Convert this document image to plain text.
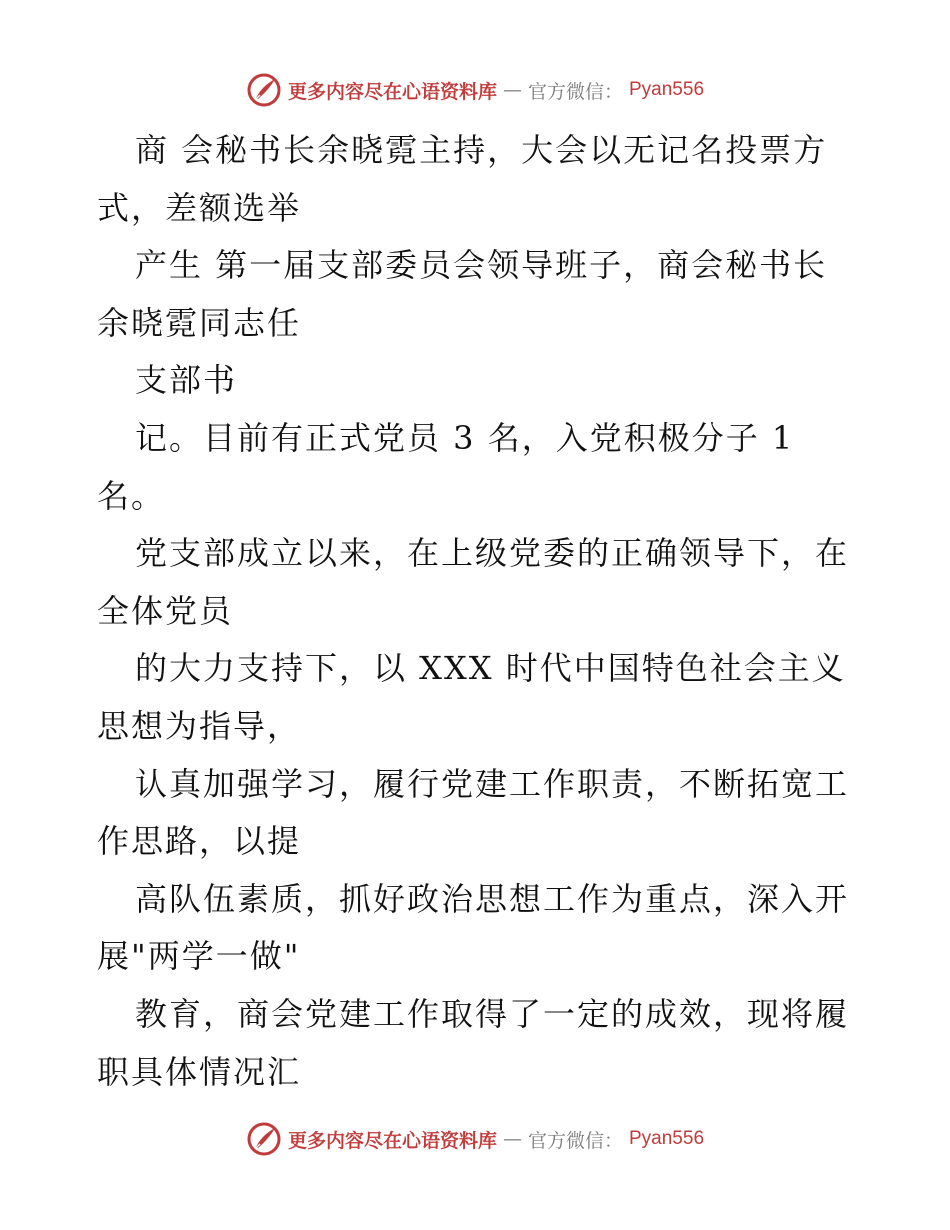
更多内容尽在心语资料库 — 官方微信： Pyan556
商 会秘书长余晓霓主持，大会以无记名投票方
式，差额选举
产生 第一届支部委员会领导班子，商会秘书长
余晓霓同志任
支部书
记。目前有正式党员 3 名，入党积极分子 1
名。
党支部成立以来，在上级党委的正确领导下，在
全体党员
的大力支持下，以 XXX 时代中国特色社会主义
思想为指导，
认真加强学习，履行党建工作职责，不断拓宽工
作思路，以提
高队伍素质，抓好政治思想工作为重点，深入开
展"两学一做"
教育，商会党建工作取得了一定的成效，现将履
职具体情况汇
更多内容尽在心语资料库 — 官方微信： Pyan556
